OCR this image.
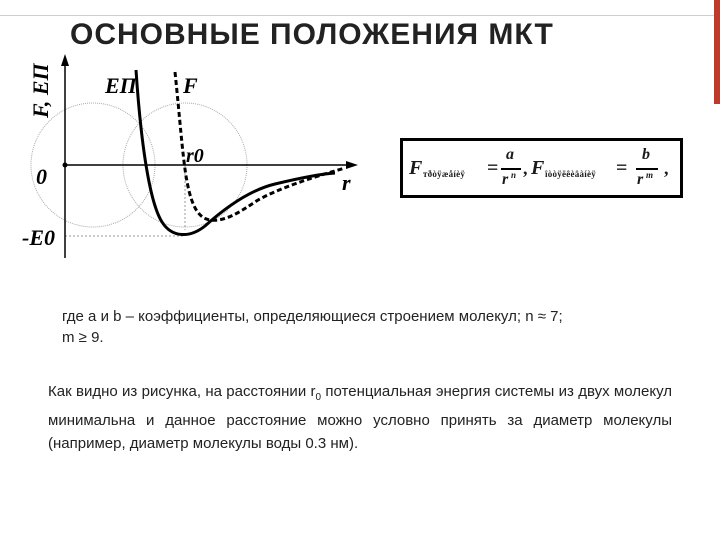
ОСНОВНЫЕ ПОЛОЖЕНИЯ МКТ
F, EП EП F
r0
0	r
-E0
F т ð ò ÿ æ å í è ÿ =
a
r n , F î ò ò ÿ ë ê è â à í è ÿ =
b
r m ,
где a и b – коэффициенты, определяющиеся строением молекул; n ≈ 7;
m ≥ 9.
Как видно из рисунка, на расстоянии $r_0$ потенциальная энергия системы из двух молекул минимальна и данное расстояние можно условно принять за диаметр молекулы (например, диаметр молекулы воды 0.3 нм).
